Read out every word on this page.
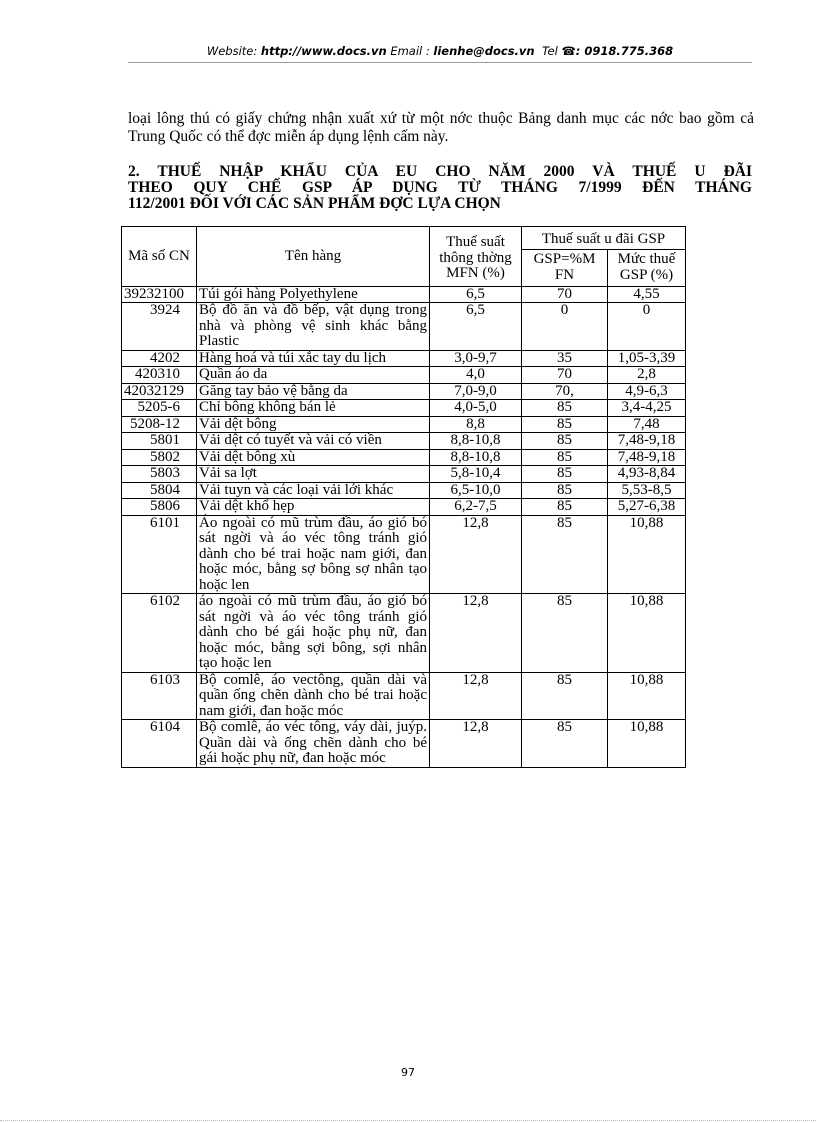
Website: http://www.docs.vn Email : lienhe@docs.vn Tel ☎: 0918.775.368
loại lông thú có giấy chứng nhận xuất xứ từ một nớc thuộc Bảng danh mục các nớc bao gồm cả Trung Quốc có thể đợc miễn áp dụng lệnh cấm này.
2. THUẾ NHẬP KHẨU CỦA EU CHO NĂM 2000 VÀ THUẾ U ĐÃI
THEO QUY CHẾ GSP ÁP DỤNG TỪ THÁNG 7/1999 ĐẾN THÁNG
112/2001 ĐỐI VỚI CÁC SẢN PHẨM ĐỢC LỰA CHỌN
Mã số CN	Tên hàng	Thuế suất thông thờng MFN (%)	Thuế suất u đãi GSP	
			GSP=%M FN	Mức thuế GSP (%)
39232100	Túi gói hàng Polyethylene	6,5	70	4,55
3924	Bộ đồ ăn và đồ bếp, vật dụng trong nhà và phòng vệ sinh khác bằng Plastic	6,5	0	0
4202	Hàng hoá và túi xắc tay du lịch	3,0-9,7	35	1,05-3,39
420310	Quần áo da	4,0	70	2,8
42032129	Găng tay bảo vệ bằng da	7,0-9,0	70,	4,9-6,3
5205-6	Chỉ bông không bán lẻ	4,0-5,0	85	3,4-4,25
5208-12	Vải dệt bông	8,8	85	7,48
5801	Vải dệt có tuyết và vải có viền	8,8-10,8	85	7,48-9,18
5802	Vải dệt bông xù	8,8-10,8	85	7,48-9,18
5803	Vải sa lợt	5,8-10,4	85	4,93-8,84
5804	Vải tuyn và các loại vải lới khác	6,5-10,0	85	5,53-8,5
5806	Vải dệt khổ hẹp	6,2-7,5	85	5,27-6,38
6101	Áo ngoài có mũ trùm đầu, áo gió bó sát ngời và áo véc tông tránh gió dành cho bé trai hoặc nam giới, đan hoặc móc, bằng sợ bông sợ nhân tạo hoặc len	12,8	85	10,88
6102	áo ngoài có mũ trùm đầu, áo gió bó sát ngời và áo véc tông tránh gió dành cho bé gái hoặc phụ nữ, đan hoặc móc, bằng sợi bông, sợi nhân tạo hoặc len	12,8	85	10,88
6103	Bộ comlê, áo vectông, quần dài và quần ống chẽn dành cho bé trai hoặc nam giới, đan hoặc móc	12,8	85	10,88
6104	Bộ comlê, áo véc tông, váy dài, juýp. Quần dài và ống chẽn dành cho bé gái hoặc phụ nữ, đan hoặc móc	12,8	85	10,88
97
